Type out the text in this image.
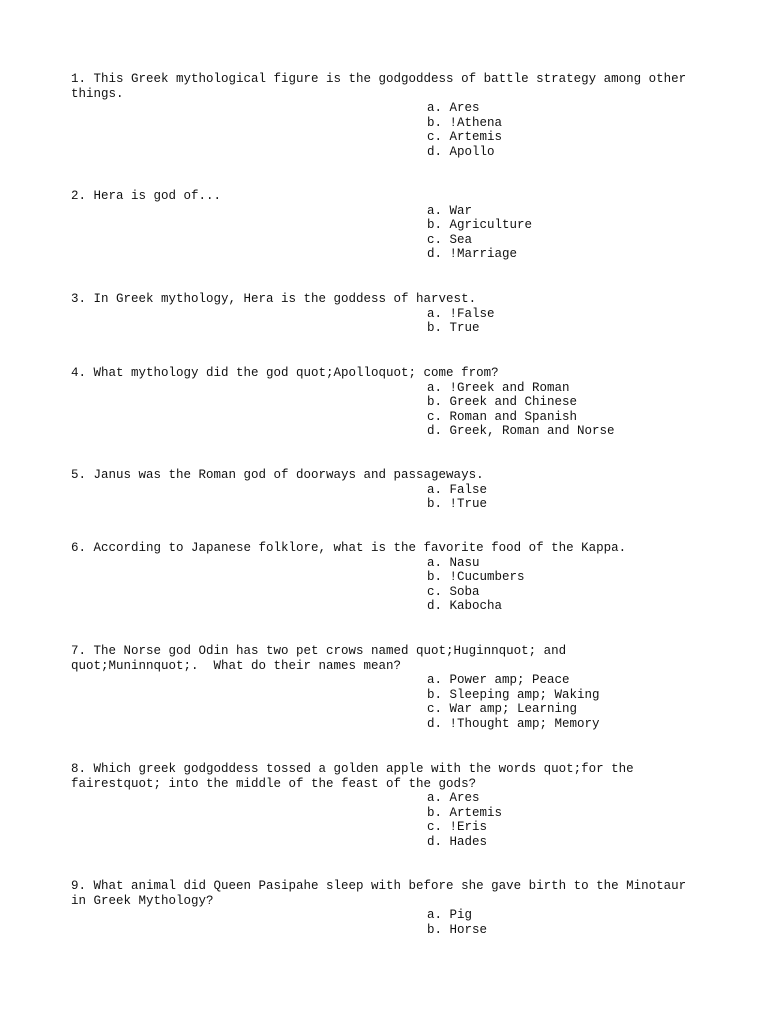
1. This Greek mythological figure is the godgoddess of battle strategy among other things.

a. Ares
b. !Athena
c. Artemis
d. Apollo

2. Hera is god of...

a. War
b. Agriculture
c. Sea
d. !Marriage

3. In Greek mythology, Hera is the goddess of harvest.

a. !False
b. True

4. What mythology did the god quot;Apolloquot; come from?

a. !Greek and Roman
b. Greek and Chinese
c. Roman and Spanish
d. Greek, Roman and Norse

5. Janus was the Roman god of doorways and passageways.

a. False
b. !True

6. According to Japanese folklore, what is the favorite food of the Kappa.

a. Nasu
b. !Cucumbers
c. Soba
d. Kabocha

7. The Norse god Odin has two pet crows named quot;Huginnquot; and
quot;Muninnquot;.  What do their names mean?

a. Power amp; Peace
b. Sleeping amp; Waking
c. War amp; Learning
d. !Thought amp; Memory

8. Which greek godgoddess tossed a golden apple with the words quot;for the
fairestquot; into the middle of the feast of the gods?

a. Ares
b. Artemis
c. !Eris
d. Hades

9. What animal did Queen Pasipahe sleep with before she gave birth to the Minotaur
in Greek Mythology?

a. Pig
b. Horse
